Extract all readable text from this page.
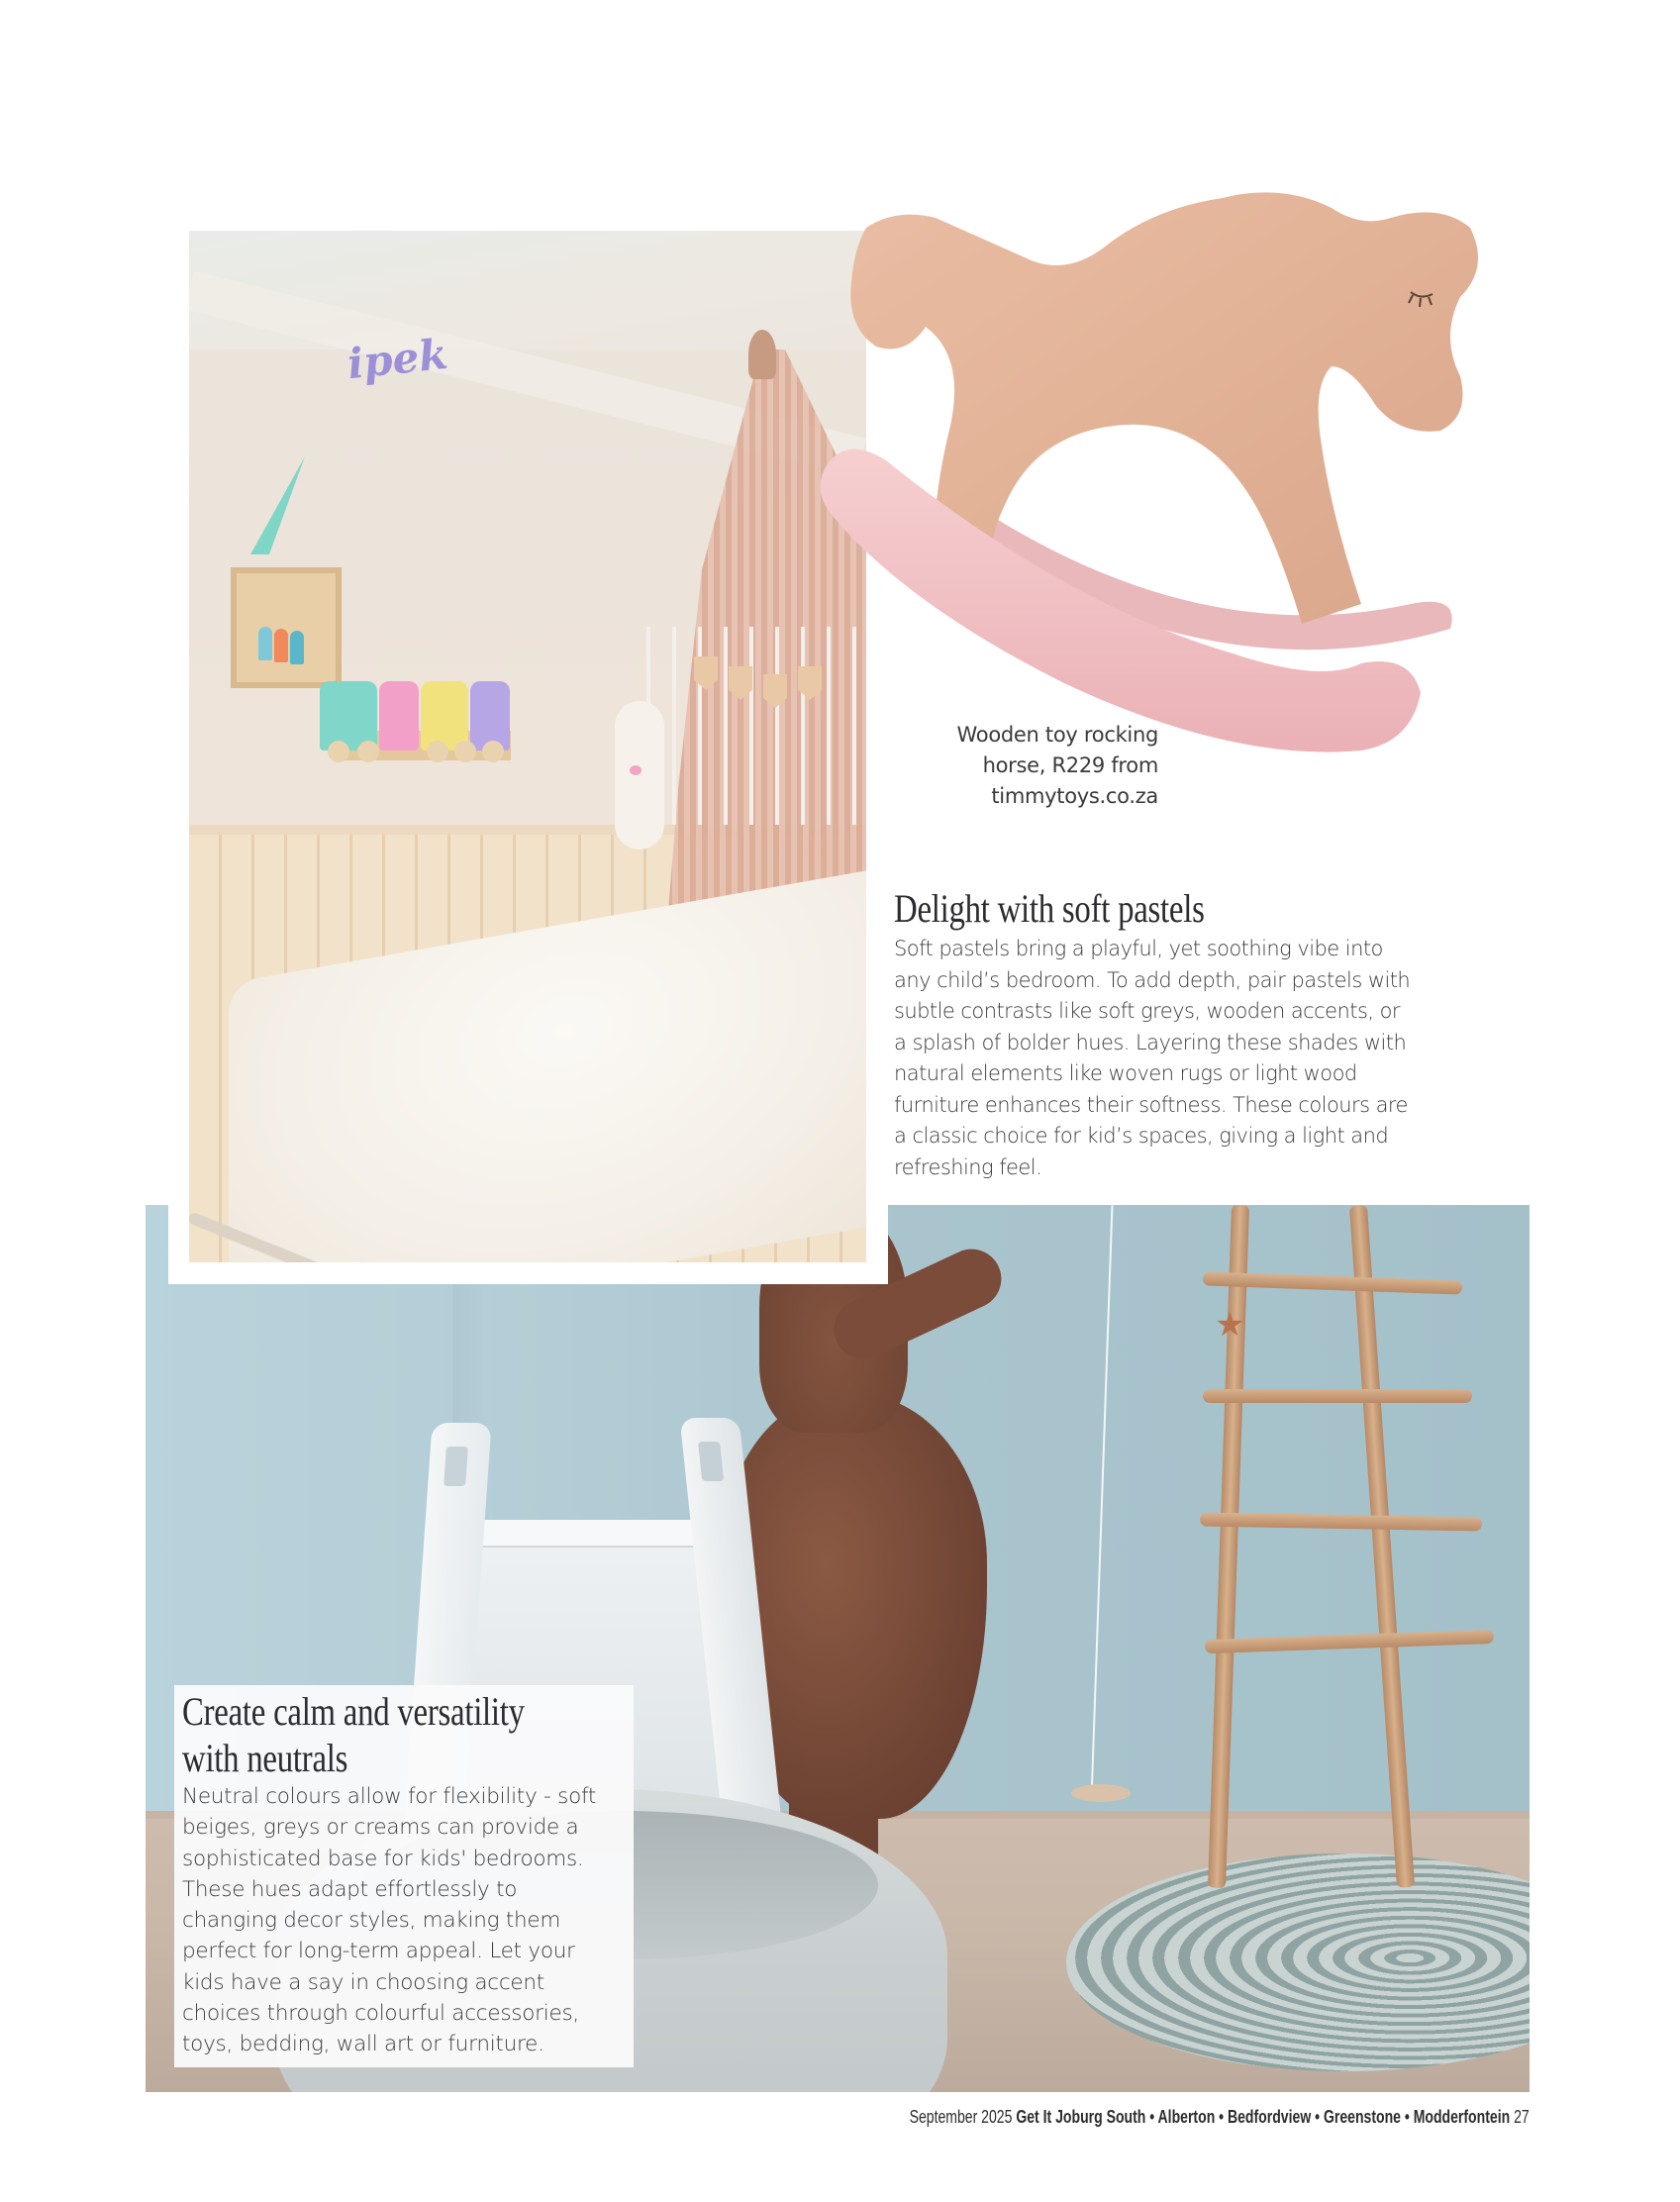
★
ipek
Wooden toy rocking
horse, R229 from
timmytoys.co.za
Delight with soft pastels
Soft pastels bring a playful, yet soothing vibe into
any child’s bedroom. To add depth, pair pastels with
subtle contrasts like soft greys, wooden accents, or
a splash of bolder hues. Layering these shades with
natural elements like woven rugs or light wood
furniture enhances their softness. These colours are
a classic choice for kid’s spaces, giving a light and
refreshing feel.
Create calm and versatility
with neutrals
Neutral colours allow for flexibility - soft
beiges, greys or creams can provide a
sophisticated base for kids' bedrooms.
These hues adapt effortlessly to
changing decor styles, making them
perfect for long-term appeal. Let your
kids have a say in choosing accent
choices through colourful accessories,
toys, bedding, wall art or furniture.
September 2025 Get It Joburg South • Alberton • Bedfordview • Greenstone • Modderfontein 27
